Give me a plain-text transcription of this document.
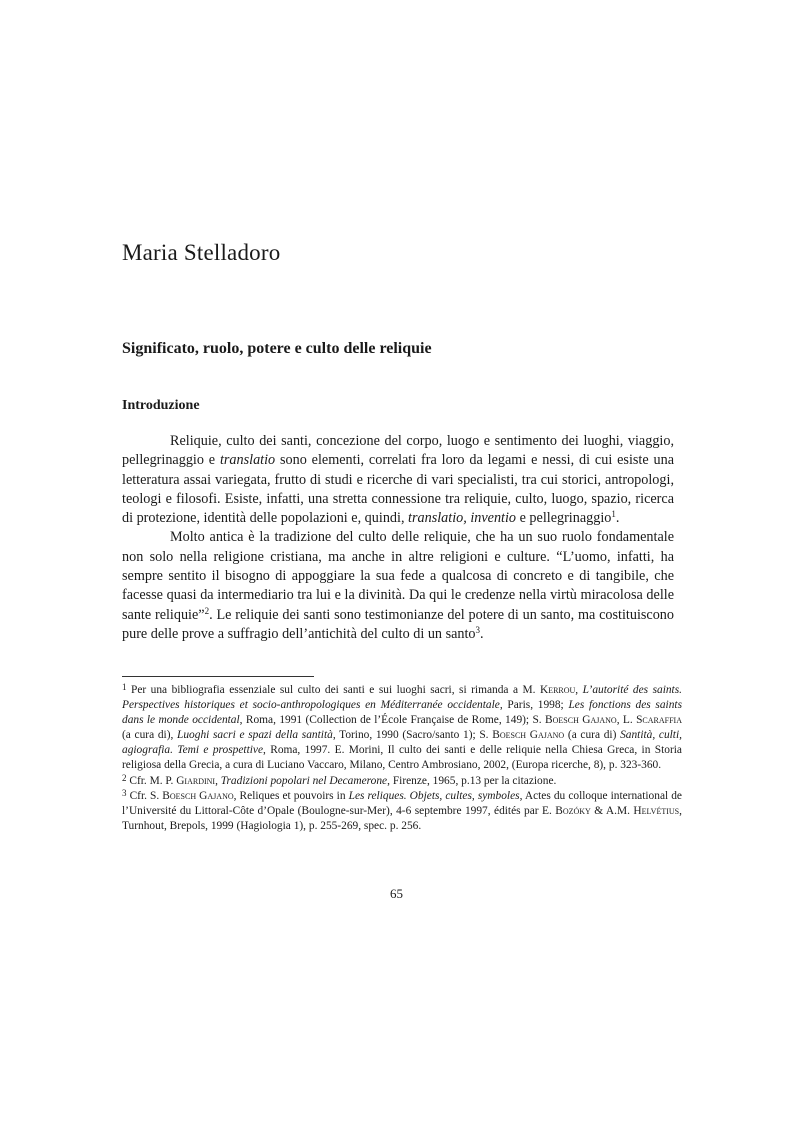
Maria Stelladoro
Significato, ruolo, potere e culto delle reliquie
Introduzione

Reliquie, culto dei santi, concezione del corpo, luogo e sentimento dei luoghi, viaggio, pellegrinaggio e translatio sono elementi, correlati fra loro da legami e nessi, di cui esiste una letteratura assai variegata, frutto di studi e ricerche di vari specialisti, tra cui storici, antropologi, teologi e filosofi. Esiste, infatti, una stretta connessione tra reliquie, culto, luogo, spazio, ricerca di protezione, identità delle popolazioni e, quindi, translatio, inventio e pellegrinaggio$^1$.

Molto antica è la tradizione del culto delle reliquie, che ha un suo ruolo fondamentale non solo nella religione cristiana, ma anche in altre religioni e culture. “L’uomo, infatti, ha sempre sentito il bisogno di appoggiare la sua fede a qualcosa di concreto e di tangibile, che facesse quasi da intermediario tra lui e la divinità. Da qui le credenze nella virtù miracolosa delle sante reliquie”$^2$. Le reliquie dei santi sono testimonianze del potere di un santo, ma costituiscono pure delle prove a suffragio dell’antichità del culto di un santo$^3$.

$^1$ Per una bibliografia essenziale sul culto dei santi e sui luoghi sacri, si rimanda a M. Kerrou, L’autorité des saints. Perspectives historiques et socio-anthropologiques en Méditerranée occidentale, Paris, 1998; Les fonctions des saints dans le monde occidental, Roma, 1991 (Collection de l’École Française de Rome, 149); S. Boesch Gajano, L. Scaraffia (a cura di), Luoghi sacri e spazi della santità, Torino, 1990 (Sacro/santo 1); S. Boesch Gajano (a cura di) Santità, culti, agiografia. Temi e prospettive, Roma, 1997. E. Morini, Il culto dei santi e delle reliquie nella Chiesa Greca, in Storia religiosa della Grecia, a cura di Luciano Vaccaro, Milano, Centro Ambrosiano, 2002, (Europa ricerche, 8), p. 323-360.

$^2$ Cfr. M. P. Giardini, Tradizioni popolari nel Decamerone, Firenze, 1965, p.13 per la citazione.

$^3$ Cfr. S. Boesch Gajano, Reliques et pouvoirs in Les reliques. Objets, cultes, symboles, Actes du colloque international de l’Université du Littoral-Côte d’Opale (Boulogne-sur-Mer), 4-6 septembre 1997, édités par E. Bozóky & A.M. Helvétius, Turnhout, Brepols, 1999 (Hagiologia 1), p. 255-269, spec. p. 256.

65
